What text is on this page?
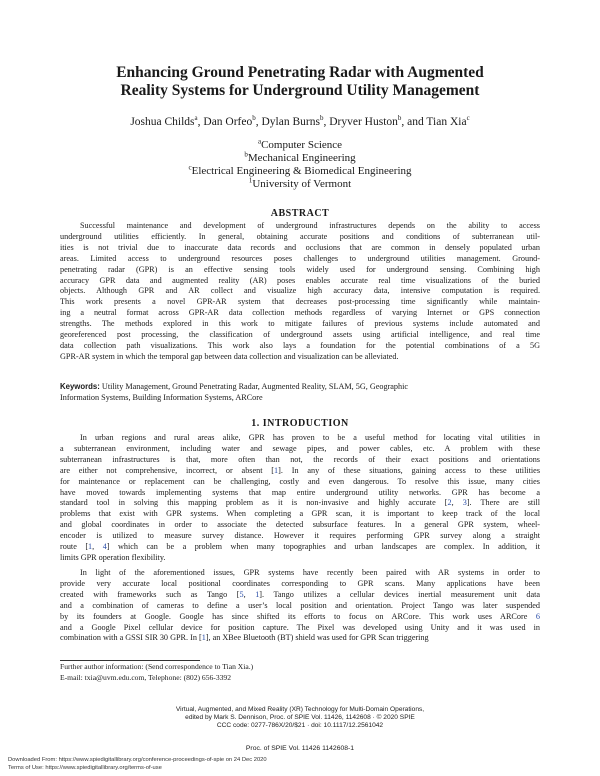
Enhancing Ground Penetrating Radar with Augmented
Reality Systems for Underground Utility Management
Joshua Childs$^a$, Dan Orfeo$^b$, Dylan Burns$^b$, Dryver Huston$^b$, and Tian Xia$^c$
$^a$Computer Science
$^b$Mechanical Engineering
$^c$Electrical Engineering & Biomedical Engineering
$^1$University of Vermont
ABSTRACT
Successful maintenance and development of underground infrastructures depends on the ability to access
underground utilities efficiently. In general, obtaining accurate positions and conditions of subterranean util-
ities is not trivial due to inaccurate data records and occlusions that are common in densely populated urban
areas. Limited access to underground resources poses challenges to underground utilities management. Ground-
penetrating radar (GPR) is an effective sensing tools widely used for underground sensing. Combining high
accuracy GPR data and augmented reality (AR) poses enables accurate real time visualizations of the buried
objects. Although GPR and AR collect and visualize high accuracy data, intensive computation is required.
This work presents a novel GPR-AR system that decreases post-processing time significantly while maintain-
ing a neutral format across GPR-AR data collection methods regardless of varying Internet or GPS connection
strengths. The methods explored in this work to mitigate failures of previous systems include automated and
georeferenced post processing, the classification of underground assets using artificial intelligence, and real time
data collection path visualizations. This work also lays a foundation for the potential combinations of a 5G
GPR-AR system in which the temporal gap between data collection and visualization can be alleviated.
Keywords: Utility Management, Ground Penetrating Radar, Augmented Reality, SLAM, 5G, Geographic
Information Systems, Building Information Systems, ARCore
1. INTRODUCTION
In urban regions and rural areas alike, GPR has proven to be a useful method for locating vital utilities in
a subterranean environment, including water and sewage pipes, and power cables, etc. A problem with these
subterranean infrastructures is that, more often than not, the records of their exact positions and orientations
are either not comprehensive, incorrect, or absent [1]. In any of these situations, gaining access to these utilities
for maintenance or replacement can be challenging, costly and even dangerous. To resolve this issue, many cities
have moved towards implementing systems that map entire underground utility networks. GPR has become a
standard tool in solving this mapping problem as it is non-invasive and highly accurate [2, 3]. There are still
problems that exist with GPR systems. When completing a GPR scan, it is important to keep track of the local
and global coordinates in order to associate the detected subsurface features. In a general GPR system, wheel-
encoder is utilized to measure survey distance. However it requires performing GPR survey along a straight
route [1, 4] which can be a problem when many topographies and urban landscapes are complex. In addition, it
limits GPR operation flexibility.
In light of the aforementioned issues, GPR systems have recently been paired with AR systems in order to
provide very accurate local positional coordinates corresponding to GPR scans. Many applications have been
created with frameworks such as Tango [5, 1]. Tango utilizes a cellular devices inertial measurement unit data
and a combination of cameras to define a user’s local position and orientation. Project Tango was later suspended
by its founders at Google. Google has since shifted its efforts to focus on ARCore. This work uses ARCore 6
and a Google Pixel cellular device for position capture. The Pixel was developed using Unity and it was used in
combination with a GSSI SIR 30 GPR. In [1], an XBee Bluetooth (BT) shield was used for GPR Scan triggering
Further author information: (Send correspondence to Tian Xia.)
E-mail: txia@uvm.edu.com, Telephone: (802) 656-3392
Virtual, Augmented, and Mixed Reality (XR) Technology for Multi-Domain Operations,
edited by Mark S. Dennison, Proc. of SPIE Vol. 11426, 1142608 · © 2020 SPIE
CCC code: 0277-786X/20/$21 · doi: 10.1117/12.2561042
Proc. of SPIE Vol. 11426 1142608-1
Downloaded From: https://www.spiedigitallibrary.org/conference-proceedings-of-spie on 24 Dec 2020
Terms of Use: https://www.spiedigitallibrary.org/terms-of-use
